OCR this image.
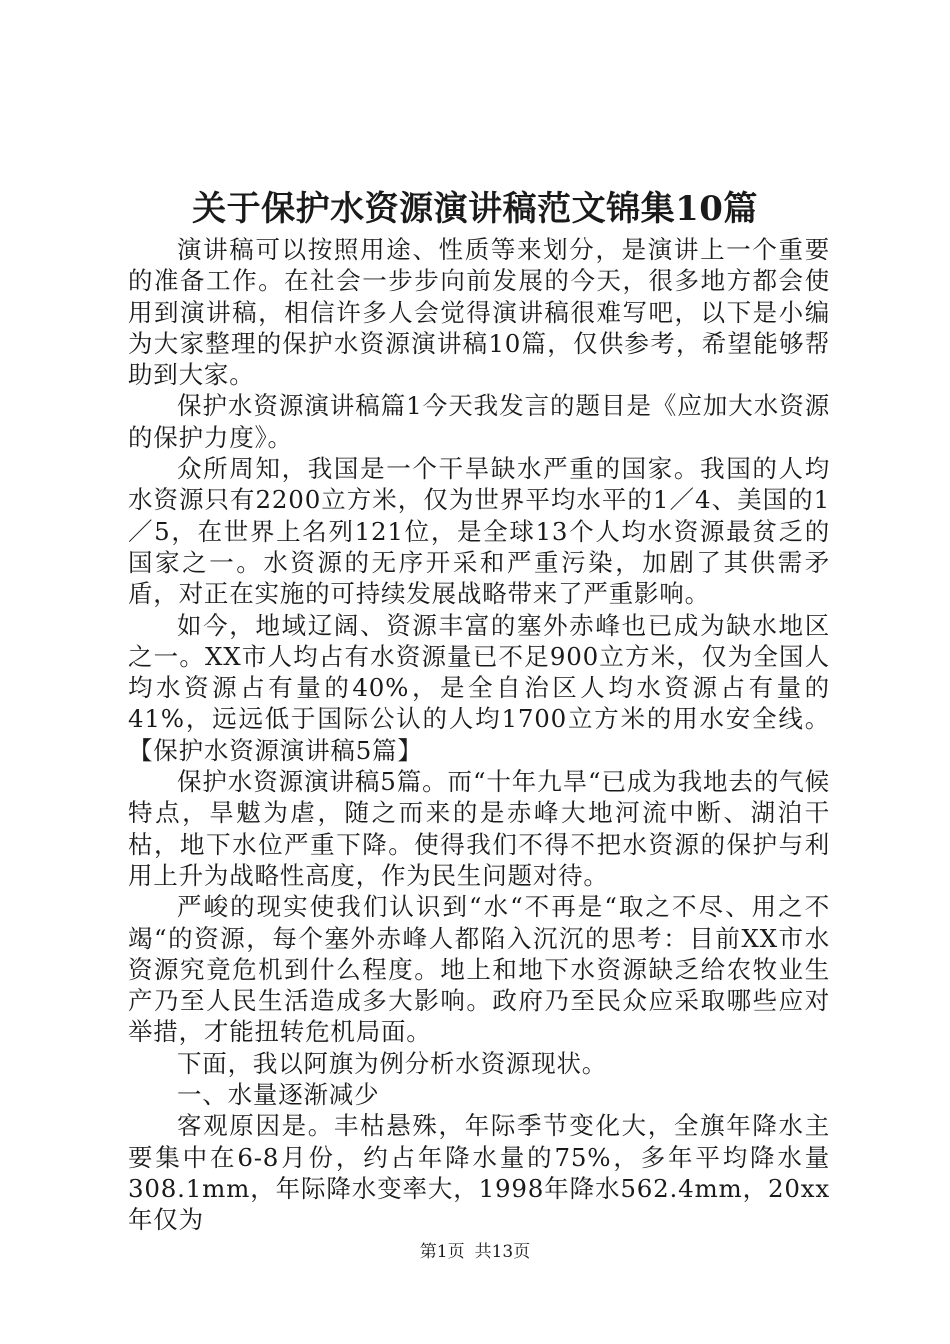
关于保护水资源演讲稿范文锦集10篇

演讲稿可以按照用途、性质等来划分，是演讲上一个重要的准备工作。在社会一步步向前发展的今天，很多地方都会使用到演讲稿，相信许多人会觉得演讲稿很难写吧，以下是小编为大家整理的保护水资源演讲稿10篇，仅供参考，希望能够帮助到大家。

保护水资源演讲稿篇1今天我发言的题目是《应加大水资源的保护力度》。

众所周知，我国是一个干旱缺水严重的国家。我国的人均水资源只有2200立方米，仅为世界平均水平的1／4、美国的1／5，在世界上名列121位，是全球13个人均水资源最贫乏的国家之一。水资源的无序开采和严重污染，加剧了其供需矛盾，对正在实施的可持续发展战略带来了严重影响。

如今，地域辽阔、资源丰富的塞外赤峰也已成为缺水地区之一。XX市人均占有水资源量已不足900立方米，仅为全国人均水资源占有量的40%，是全自治区人均水资源占有量的41%，远远低于国际公认的人均1700立方米的用水安全线。【保护水资源演讲稿5篇】

保护水资源演讲稿5篇。而“十年九旱“已成为我地去的气候特点，旱魃为虐，随之而来的是赤峰大地河流中断、湖泊干枯，地下水位严重下降。使得我们不得不把水资源的保护与利用上升为战略性高度，作为民生问题对待。

严峻的现实使我们认识到“水“不再是“取之不尽、用之不竭“的资源，每个塞外赤峰人都陷入沉沉的思考：目前XX市水资源究竟危机到什么程度。地上和地下水资源缺乏给农牧业生产乃至人民生活造成多大影响。政府乃至民众应采取哪些应对举措，才能扭转危机局面。

下面，我以阿旗为例分析水资源现状。

一、水量逐渐减少

客观原因是。丰枯悬殊，年际季节变化大，全旗年降水主要集中在6-8月份，约占年降水量的75%，多年平均降水量308.1mm，年际降水变率大，1998年降水562.4mm，20xx年仅为

第1页 共13页
